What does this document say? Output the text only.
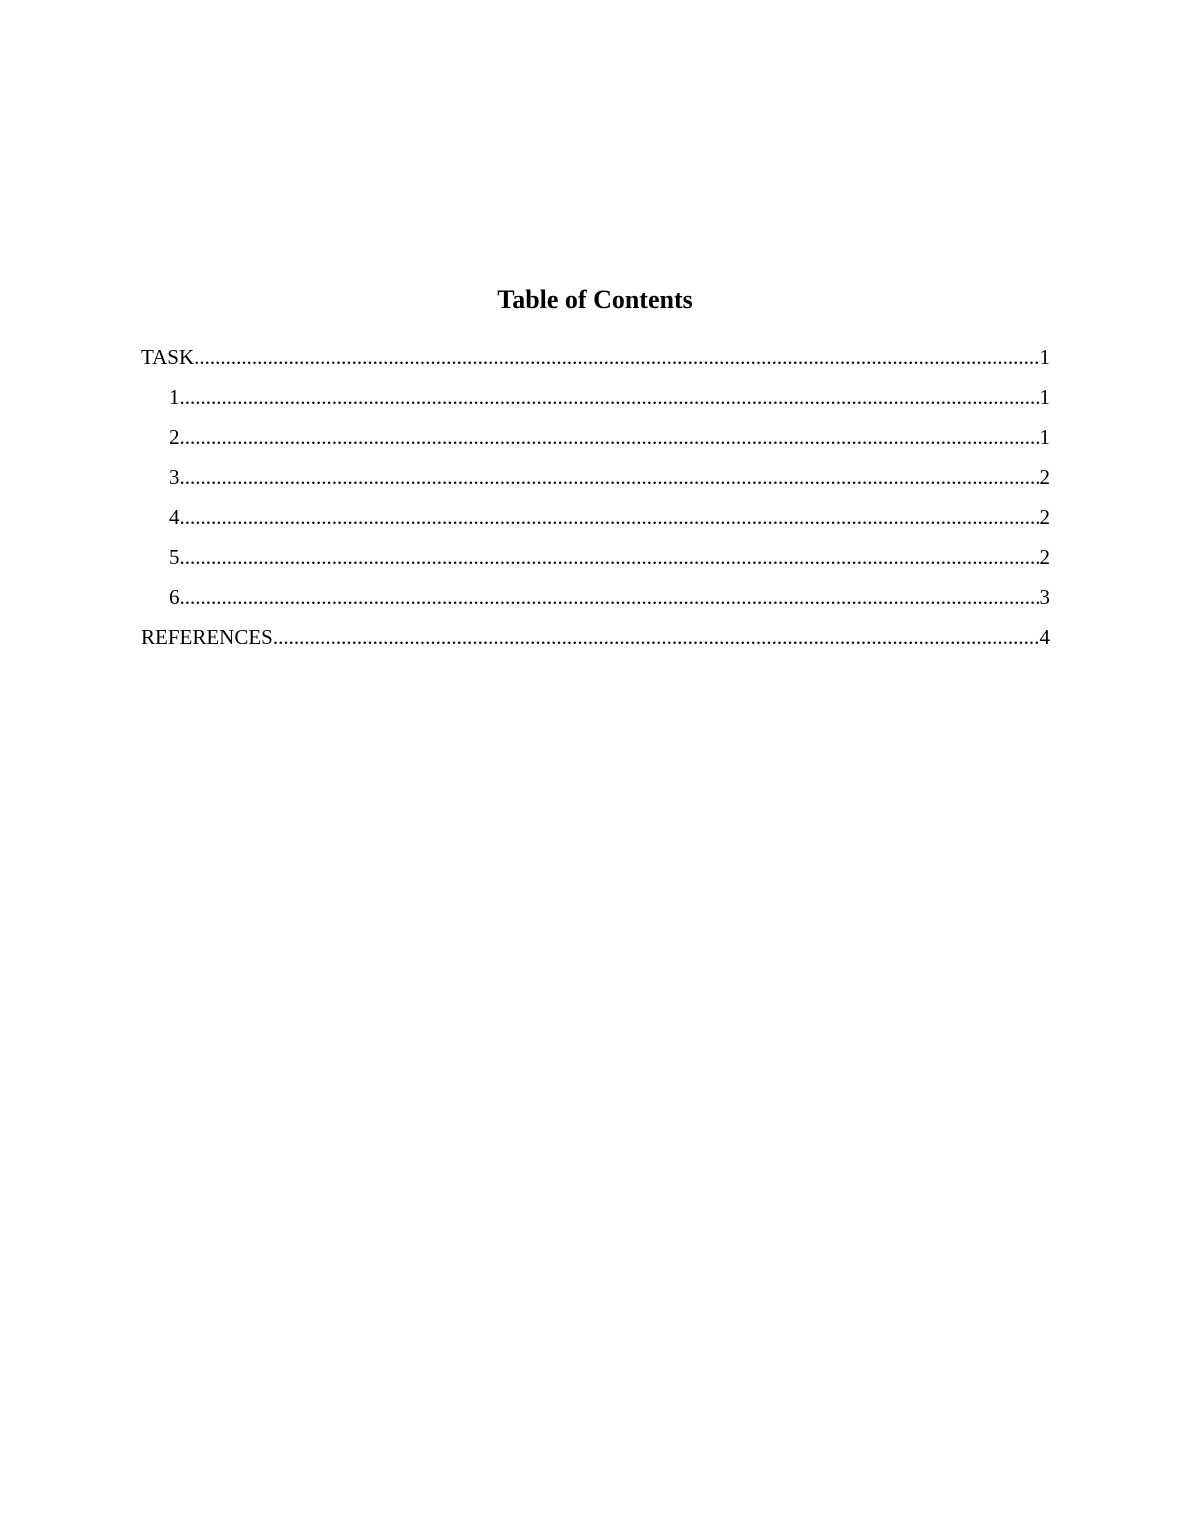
Table of Contents
TASK .....	1
1 .....	1
2 .....	1
3 .....	2
4 .....	2
5 .....	2
6 .....	3
REFERENCES .....	4
